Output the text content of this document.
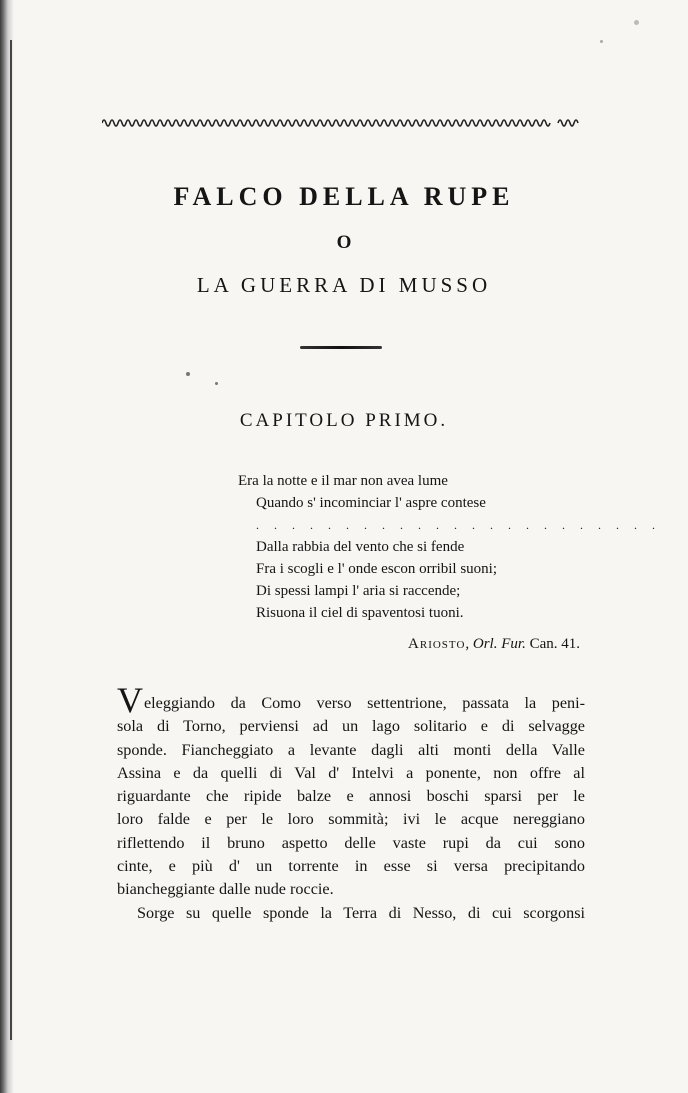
FALCO DELLA RUPE
O
LA GUERRA DI MUSSO
CAPITOLO PRIMO.
Era la notte e il mar non avea lume
Quando s' incominciar l' aspre contese
. . . . . . . . . . . . . . . . . . . . . . .
Dalla rabbia del vento che si fende
Fra i scogli e l' onde escon orribil suoni;
Di spessi lampi l' aria si raccende;
Risuona il ciel di spaventosi tuoni.
Ariosto, Orl. Fur. Can. 41.
Veleggiando da Como verso settentrione, passata la peni-
sola di Torno, perviensi ad un lago solitario e di selvagge
sponde. Fiancheggiato a levante dagli alti monti della Valle
Assina e da quelli di Val d' Intelvi a ponente, non offre al
riguardante che ripide balze e annosi boschi sparsi per le
loro falde e per le loro sommità; ivi le acque nereggiano
riflettendo il bruno aspetto delle vaste rupi da cui sono
cinte, e più d' un torrente in esse si versa precipitando
biancheggiante dalle nude roccie.
Sorge su quelle sponde la Terra di Nesso, di cui scorgonsi
